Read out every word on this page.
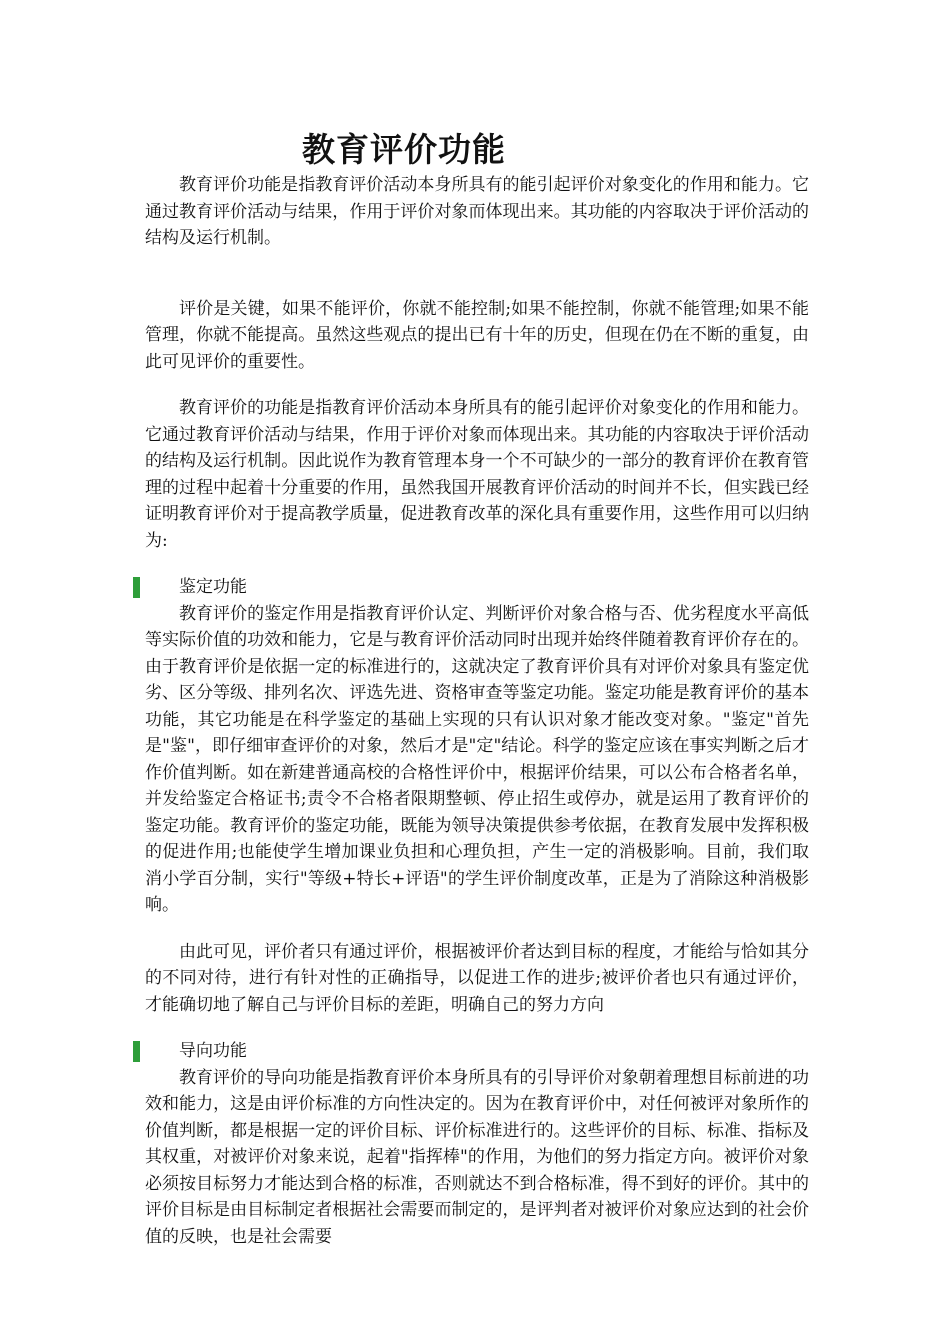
教育评价功能

教育评价功能是指教育评价活动本身所具有的能引起评价对象变化的作用和能力。它通过教育评价活动与结果，作用于评价对象而体现出来。其功能的内容取决于评价活动的结构及运行机制。

评价是关键，如果不能评价，你就不能控制;如果不能控制，你就不能管理;如果不能管理，你就不能提高。虽然这些观点的提出已有十年的历史，但现在仍在不断的重复，由此可见评价的重要性。

教育评价的功能是指教育评价活动本身所具有的能引起评价对象变化的作用和能力。它通过教育评价活动与结果，作用于评价对象而体现出来。其功能的内容取决于评价活动的结构及运行机制。因此说作为教育管理本身一个不可缺少的一部分的教育评价在教育管理的过程中起着十分重要的作用，虽然我国开展教育评价活动的时间并不长，但实践已经证明教育评价对于提高教学质量，促进教育改革的深化具有重要作用，这些作用可以归纳为:

鉴定功能

教育评价的鉴定作用是指教育评价认定、判断评价对象合格与否、优劣程度水平高低等实际价值的功效和能力，它是与教育评价活动同时出现并始终伴随着教育评价存在的。由于教育评价是依据一定的标准进行的，这就决定了教育评价具有对评价对象具有鉴定优劣、区分等级、排列名次、评选先进、资格审查等鉴定功能。鉴定功能是教育评价的基本功能，其它功能是在科学鉴定的基础上实现的只有认识对象才能改变对象。"鉴定"首先是"鉴"，即仔细审查评价的对象，然后才是"定"结论。科学的鉴定应该在事实判断之后才作价值判断。如在新建普通高校的合格性评价中，根据评价结果，可以公布合格者名单，并发给鉴定合格证书;责令不合格者限期整顿、停止招生或停办，就是运用了教育评价的鉴定功能。教育评价的鉴定功能，既能为领导决策提供参考依据，在教育发展中发挥积极的促进作用;也能使学生增加课业负担和心理负担，产生一定的消极影响。目前，我们取消小学百分制，实行"等级+特长+评语"的学生评价制度改革，正是为了消除这种消极影响。

由此可见，评价者只有通过评价，根据被评价者达到目标的程度，才能给与恰如其分的不同对待，进行有针对性的正确指导，以促进工作的进步;被评价者也只有通过评价，才能确切地了解自己与评价目标的差距，明确自己的努力方向

导向功能

教育评价的导向功能是指教育评价本身所具有的引导评价对象朝着理想目标前进的功效和能力，这是由评价标准的方向性决定的。因为在教育评价中，对任何被评对象所作的价值判断，都是根据一定的评价目标、评价标准进行的。这些评价的目标、标准、指标及其权重，对被评价对象来说，起着"指挥棒"的作用，为他们的努力指定方向。被评价对象必须按目标努力才能达到合格的标准，否则就达不到合格标准，得不到好的评价。其中的评价目标是由目标制定者根据社会需要而制定的，是评判者对被评价对象应达到的社会价值的反映，也是社会需要
